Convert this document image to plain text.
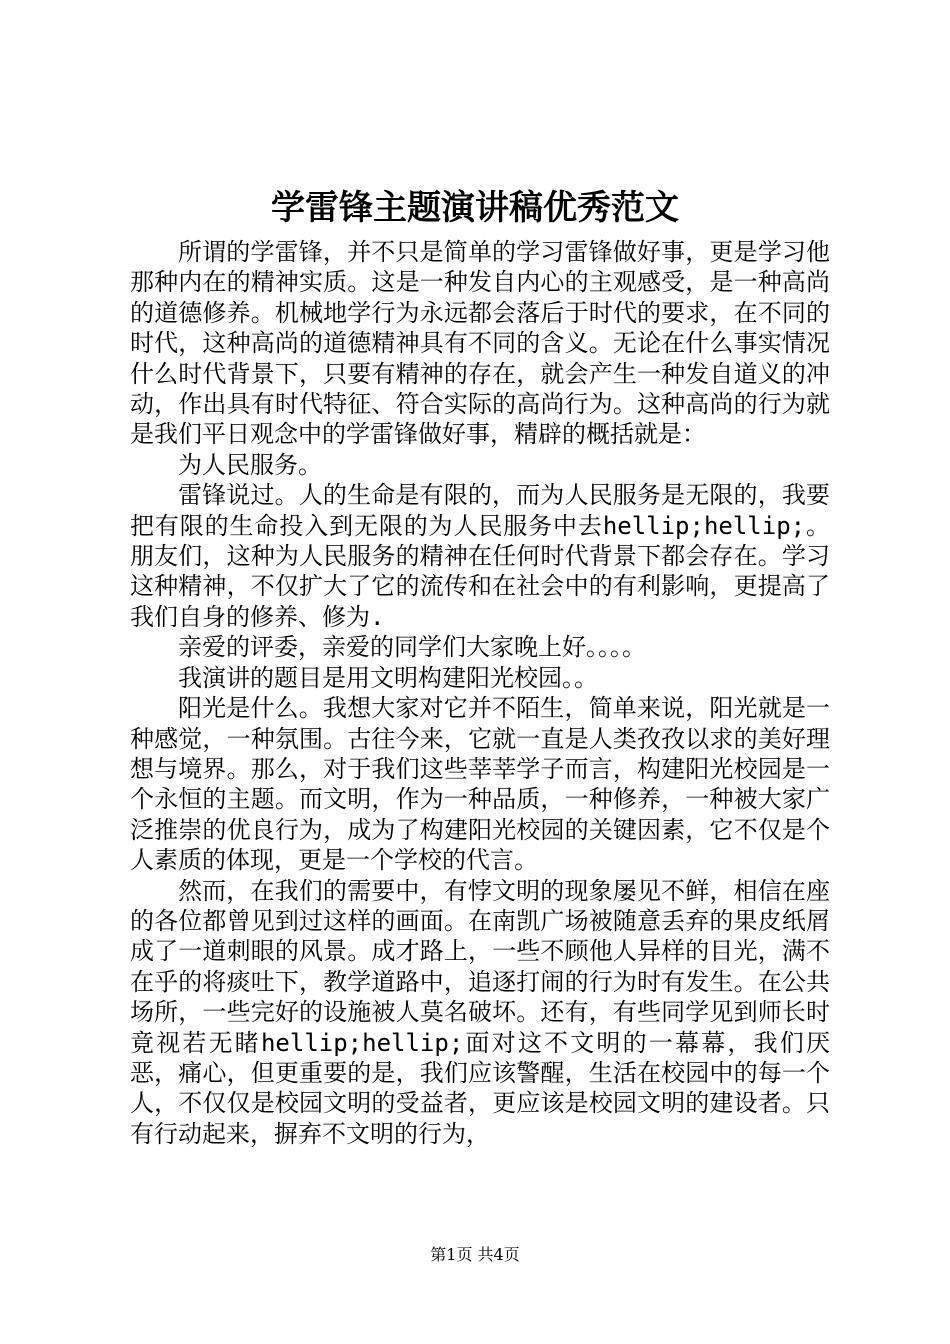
学雷锋主题演讲稿优秀范文

所谓的学雷锋，并不只是简单的学习雷锋做好事，更是学习他那种内在的精神实质。这是一种发自内心的主观感受，是一种高尚的道德修养。机械地学行为永远都会落后于时代的要求，在不同的时代，这种高尚的道德精神具有不同的含义。无论在什么事实情况什么时代背景下，只要有精神的存在，就会产生一种发自道义的冲动，作出具有时代特征、符合实际的高尚行为。这种高尚的行为就是我们平日观念中的学雷锋做好事，精辟的概括就是：

为人民服务。

雷锋说过。人的生命是有限的，而为人民服务是无限的，我要把有限的生命投入到无限的为人民服务中去hellip;hellip;。朋友们，这种为人民服务的精神在任何时代背景下都会存在。学习这种精神，不仅扩大了它的流传和在社会中的有利影响，更提高了我们自身的修养、修为.

亲爱的评委，亲爱的同学们大家晚上好。。。。

我演讲的题目是用文明构建阳光校园。。

阳光是什么。我想大家对它并不陌生，简单来说，阳光就是一种感觉，一种氛围。古往今来，它就一直是人类孜孜以求的美好理想与境界。那么，对于我们这些莘莘学子而言，构建阳光校园是一个永恒的主题。而文明，作为一种品质，一种修养，一种被大家广泛推崇的优良行为，成为了构建阳光校园的关键因素，它不仅是个人素质的体现，更是一个学校的代言。

然而，在我们的需要中，有悖文明的现象屡见不鲜，相信在座的各位都曾见到过这样的画面。在南凯广场被随意丢弃的果皮纸屑成了一道刺眼的风景。成才路上，一些不顾他人异样的目光，满不在乎的将痰吐下，教学道路中，追逐打闹的行为时有发生。在公共场所，一些完好的设施被人莫名破坏。还有，有些同学见到师长时竟视若无睹hellip;hellip;面对这不文明的一幕幕，我们厌恶，痛心，但更重要的是，我们应该警醒，生活在校园中的每一个人，不仅仅是校园文明的受益者，更应该是校园文明的建设者。只有行动起来，摒弃不文明的行为，

第1页 共4页
